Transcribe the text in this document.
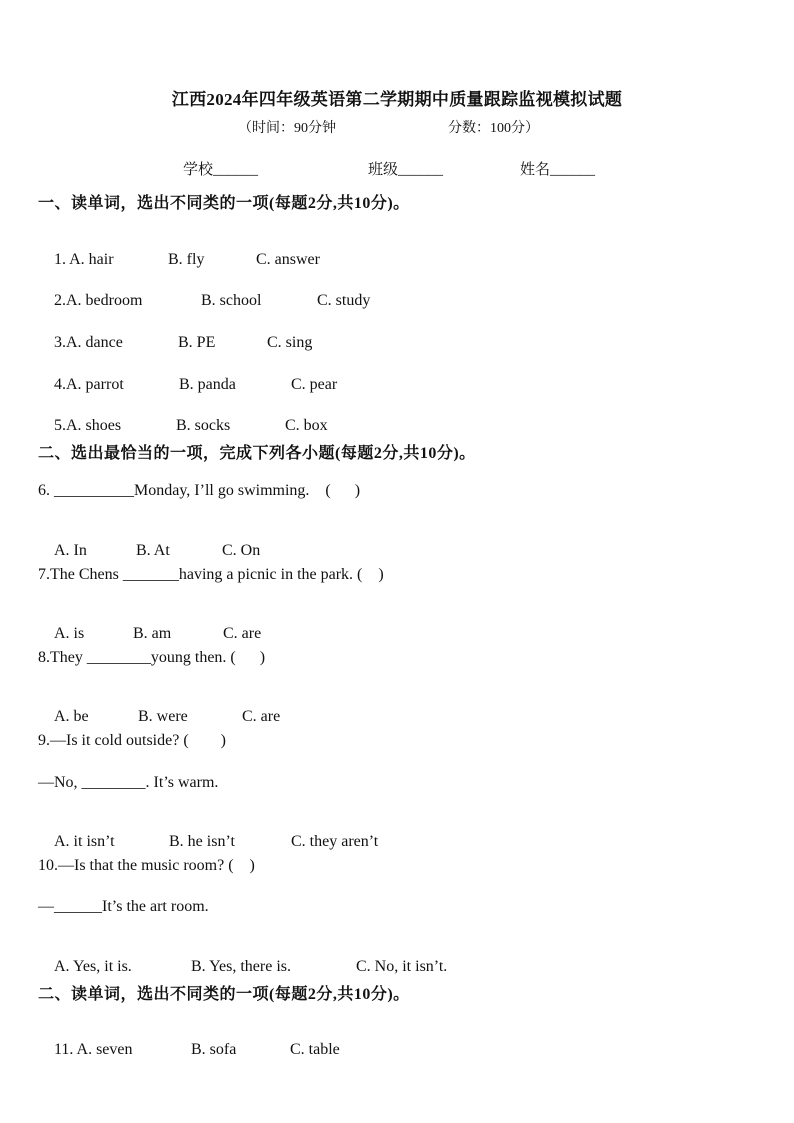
江西2024年四年级英语第二学期期中质量跟踪监视模拟试题
（时间：90分钟	分数：100分）
学校______	班级______	姓名______
一、读单词，选出不同类的一项(每题2分,共10分)。

1. A. hair	B. fly	C. answer

2.A. bedroom	B. school	C. study

3.A. dance	B. PE	C. sing

4.A. parrot	B. panda	C. pear

5.A. shoes	B. socks	C. box

二、选出最恰当的一项，完成下列各小题(每题2分,共10分)。
6. __________Monday, I’ll go swimming.    (      )

A. In	B. At	C. On

7.The Chens _______having a picnic in the park. (    )

A. is	B. am	C. are

8.They ________young then. (      )

A. be	B. were	C. are

9.—Is it cold outside? (        )
—No, ________. It’s warm.

A. it isn’t	B. he isn’t	C. they aren’t

10.—Is that the music room? (    )
—______It’s the art room.

A. Yes, it is.	B. Yes, there is.	C. No, it isn’t.

二、读单词，选出不同类的一项(每题2分,共10分)。

11. A. seven	B. sofa	C. table
